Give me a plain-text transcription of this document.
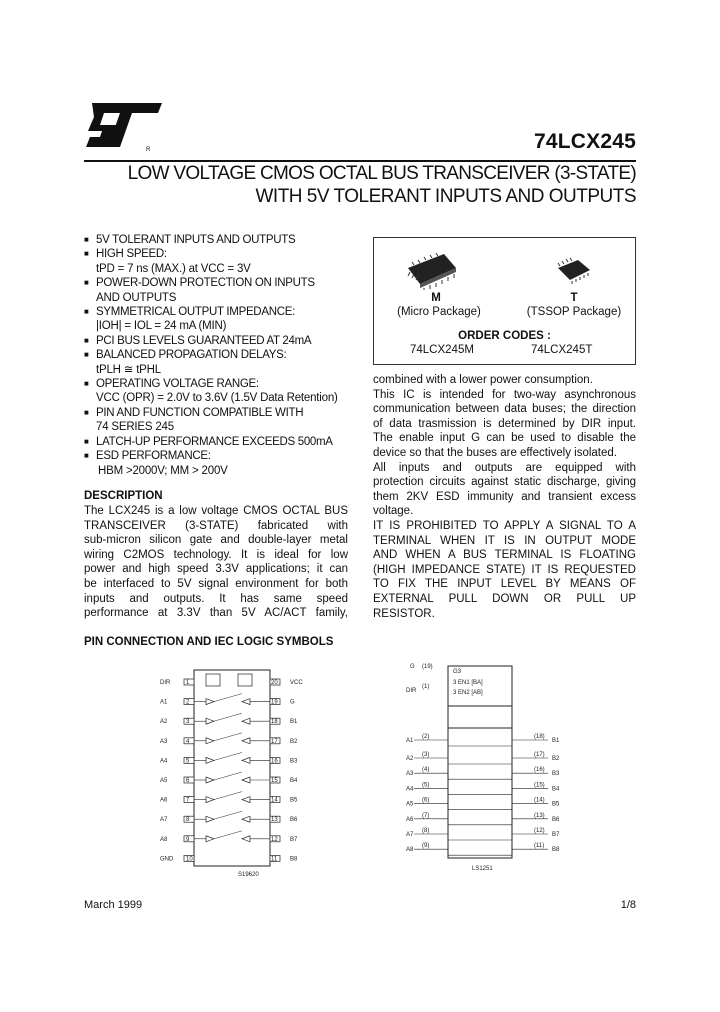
R	74LCX245
LOW VOLTAGE CMOS OCTAL BUS TRANSCEIVER (3-STATE)
WITH 5V TOLERANT INPUTS AND OUTPUTS
■ 5V TOLERANT INPUTS AND OUTPUTS
■ HIGH SPEED:
tPD = 7 ns (MAX.) at VCC = 3V
■ POWER-DOWN PROTECTION ON INPUTS
AND OUTPUTS
■ SYMMETRICAL OUTPUT IMPEDANCE:
|IOH| = IOL = 24 mA (MIN)
■ PCI BUS LEVELS GUARANTEED AT 24mA
■ BALANCED PROPAGATION DELAYS:
tPLH ≅ tPHL
■ OPERATING VOLTAGE RANGE:
VCC (OPR) = 2.0V to 3.6V (1.5V Data Retention)
■ PIN AND FUNCTION COMPATIBLE WITH
74 SERIES 245
■ LATCH-UP PERFORMANCE EXCEEDS 500mA
■ ESD PERFORMANCE:
HBM >2000V; MM > 200V
DESCRIPTION
The LCX245 is a low voltage CMOS OCTAL BUS
TRANSCEIVER (3-STATE) fabricated with
sub-micron silicon gate and double-layer metal
wiring C2MOS technology. It is ideal for low
power and high speed 3.3V applications; it can
be interfaced to 5V signal environment for both
inputs and outputs. It has same speed
performance at 3.3V than 5V AC/ACT family,
M
(Micro Package)
T
(TSSOP Package)
ORDER CODES :
74LCX245M	74LCX245T
combined with a lower power consumption.
This IC is intended for two-way asynchronous
communication between data buses; the direction
of data trasmission is determined by DIR input.
The enable input G can be used to disable the
device so that the buses are effectively isolated.
All inputs and outputs are equipped with
protection circuits against static discharge, giving
them 2KV ESD immunity and transient excess
voltage.
IT IS PROHIBITED TO APPLY A SIGNAL TO A
TERMINAL WHEN IT IS IN OUTPUT MODE
AND WHEN A BUS TERMINAL IS FLOATING
(HIGH IMPEDANCE STATE) IT IS REQUESTED
TO FIX THE INPUT LEVEL BY MEANS OF
EXTERNAL PULL DOWN OR PULL UP
RESISTOR.
PIN CONNECTION AND IEC LOGIC SYMBOLS
DIR	1	VCC
20
A1	2	G
19
A2	3	B1
18
A3	4	B2
17
A4	5	B3
16
A5	6	B4
15
A6	7	B5
14
A7	8	B6
13
A8	9	B7
12
GND 10	B8
11
S19620
A1
(2)	(18)
B1
A2
(3)	(17)
B2
A3
(4)	(16)
B3
A4
(5)	(15)
B4
A5
(6)	(14)
B5
A6
(7)	(13)
B6
A7
(8)	(12)
B7
A8
(9)	(11)
B8
G (19)
DIR
(1)
G3
3 EN1 [BA]
3 EN2 [AB]
LS1251
March 1999	1/8
